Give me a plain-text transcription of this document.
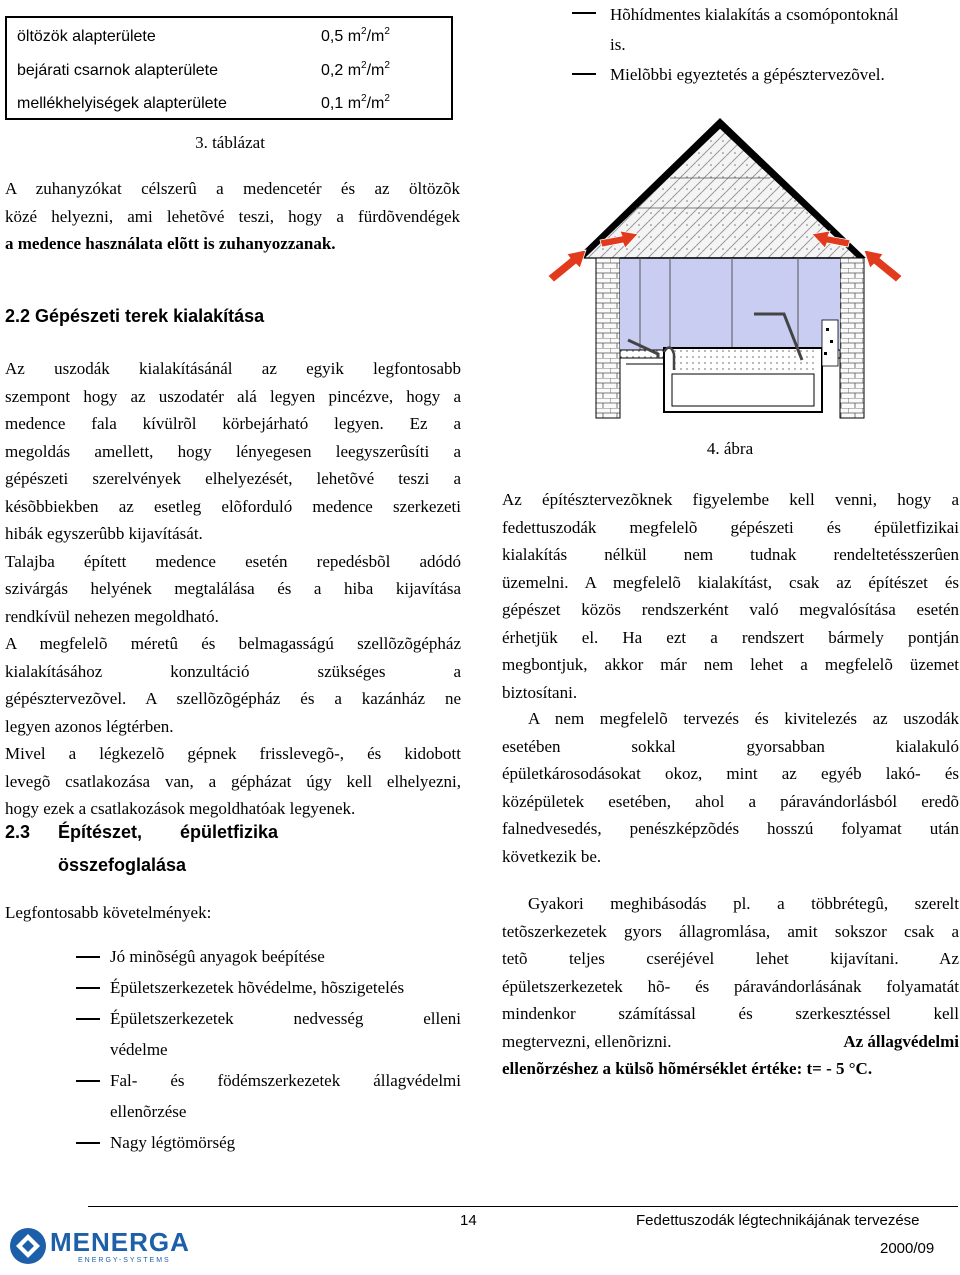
öltözök alapterülete	0,5 $m^2/m^2$
bejárati csarnok alapterülete	0,2 $m^2/m^2$
mellékhelyiségek alapterülete	0,1 $m^2/m^2$
3. táblázat
A zuhanyzókat célszerû a medencetér és az öltözõk
közé helyezni, ami lehetõvé teszi, hogy a fürdõvendégek
a medence használata elõtt is zuhanyozzanak.
Hõhídmentes kialakítás a csomópontoknál
is.
Mielõbbi egyeztetés a gépésztervezõvel.
2.2 Gépészeti terek kialakítása
Az uszodák kialakításánál az egyik legfontosabb
szempont hogy az uszodatér alá legyen pincézve, hogy a
medence fala kívülrõl körbejárható legyen. Ez a
megoldás amellett, hogy lényegesen leegyszerûsíti a
gépészeti szerelvények elhelyezését, lehetõvé teszi a
késõbbiekben az esetleg elõforduló medence szerkezeti
hibák egyszerûbb kijavítását.
Talajba épített medence esetén repedésbõl adódó
szivárgás helyének megtalálása és a hiba kijavítása
rendkívül nehezen megoldható.
A megfelelõ méretû és belmagasságú szellõzõgépház
kialakításához konzultáció szükséges a
gépésztervezõvel. A szellõzõgépház és a kazánház ne
legyen azonos légtérben.
Mivel a légkezelõ gépnek frisslevegõ-, és kidobott
levegõ csatlakozása van, a gépházat úgy kell elhelyezni,
hogy ezek a csatlakozások megoldhatóak legyenek.
2.3 Építészet, épületfizika
összefoglalása
Legfontosabb követelmények:
Jó minõségû anyagok beépítése
Épületszerkezetek hõvédelme, hõszigetelés
Épületszerkezetek nedvesség elleni
védelme
Fal- és födémszerkezetek állagvédelmi
ellenõrzése
Nagy légtömörség
4. ábra
Az építésztervezõknek figyelembe kell venni, hogy a
fedettuszodák megfelelõ gépészeti és épületfizikai
kialakítás nélkül nem tudnak rendeltetésszerûen
üzemelni. A megfelelõ kialakítást, csak az építészet és
gépészet közös rendszerként való megvalósítása esetén
érhetjük el. Ha ezt a rendszert bármely pontján
megbontjuk, akkor már nem lehet a megfelelõ üzemet
biztosítani.
A nem megfelelõ tervezés és kivitelezés az uszodák
esetében sokkal gyorsabban kialakuló
épületkárosodásokat okoz, mint az egyéb lakó- és
középületek esetében, ahol a páravándorlásból eredõ
falnedvesedés, penészképzõdés hosszú folyamat után
következik be.
Gyakori meghibásodás pl. a többrétegû, szerelt
tetõszerkezetek gyors állagromlása, amit sokszor csak a
tetõ teljes cseréjével lehet kijavítani. Az
épületszerkezetek hõ- és páravándorlásának folyamatát
mindenkor számítással és szerkesztéssel kell
megtervezni, ellenõrizni.	Az állagvédelmi
ellenõrzéshez a külsõ hõmérséklet értéke: t= - 5 °C.
14	Fedettuszodák légtechnikájának tervezése
2000/09
MENERGA
ENERGY-SYSTEMS
